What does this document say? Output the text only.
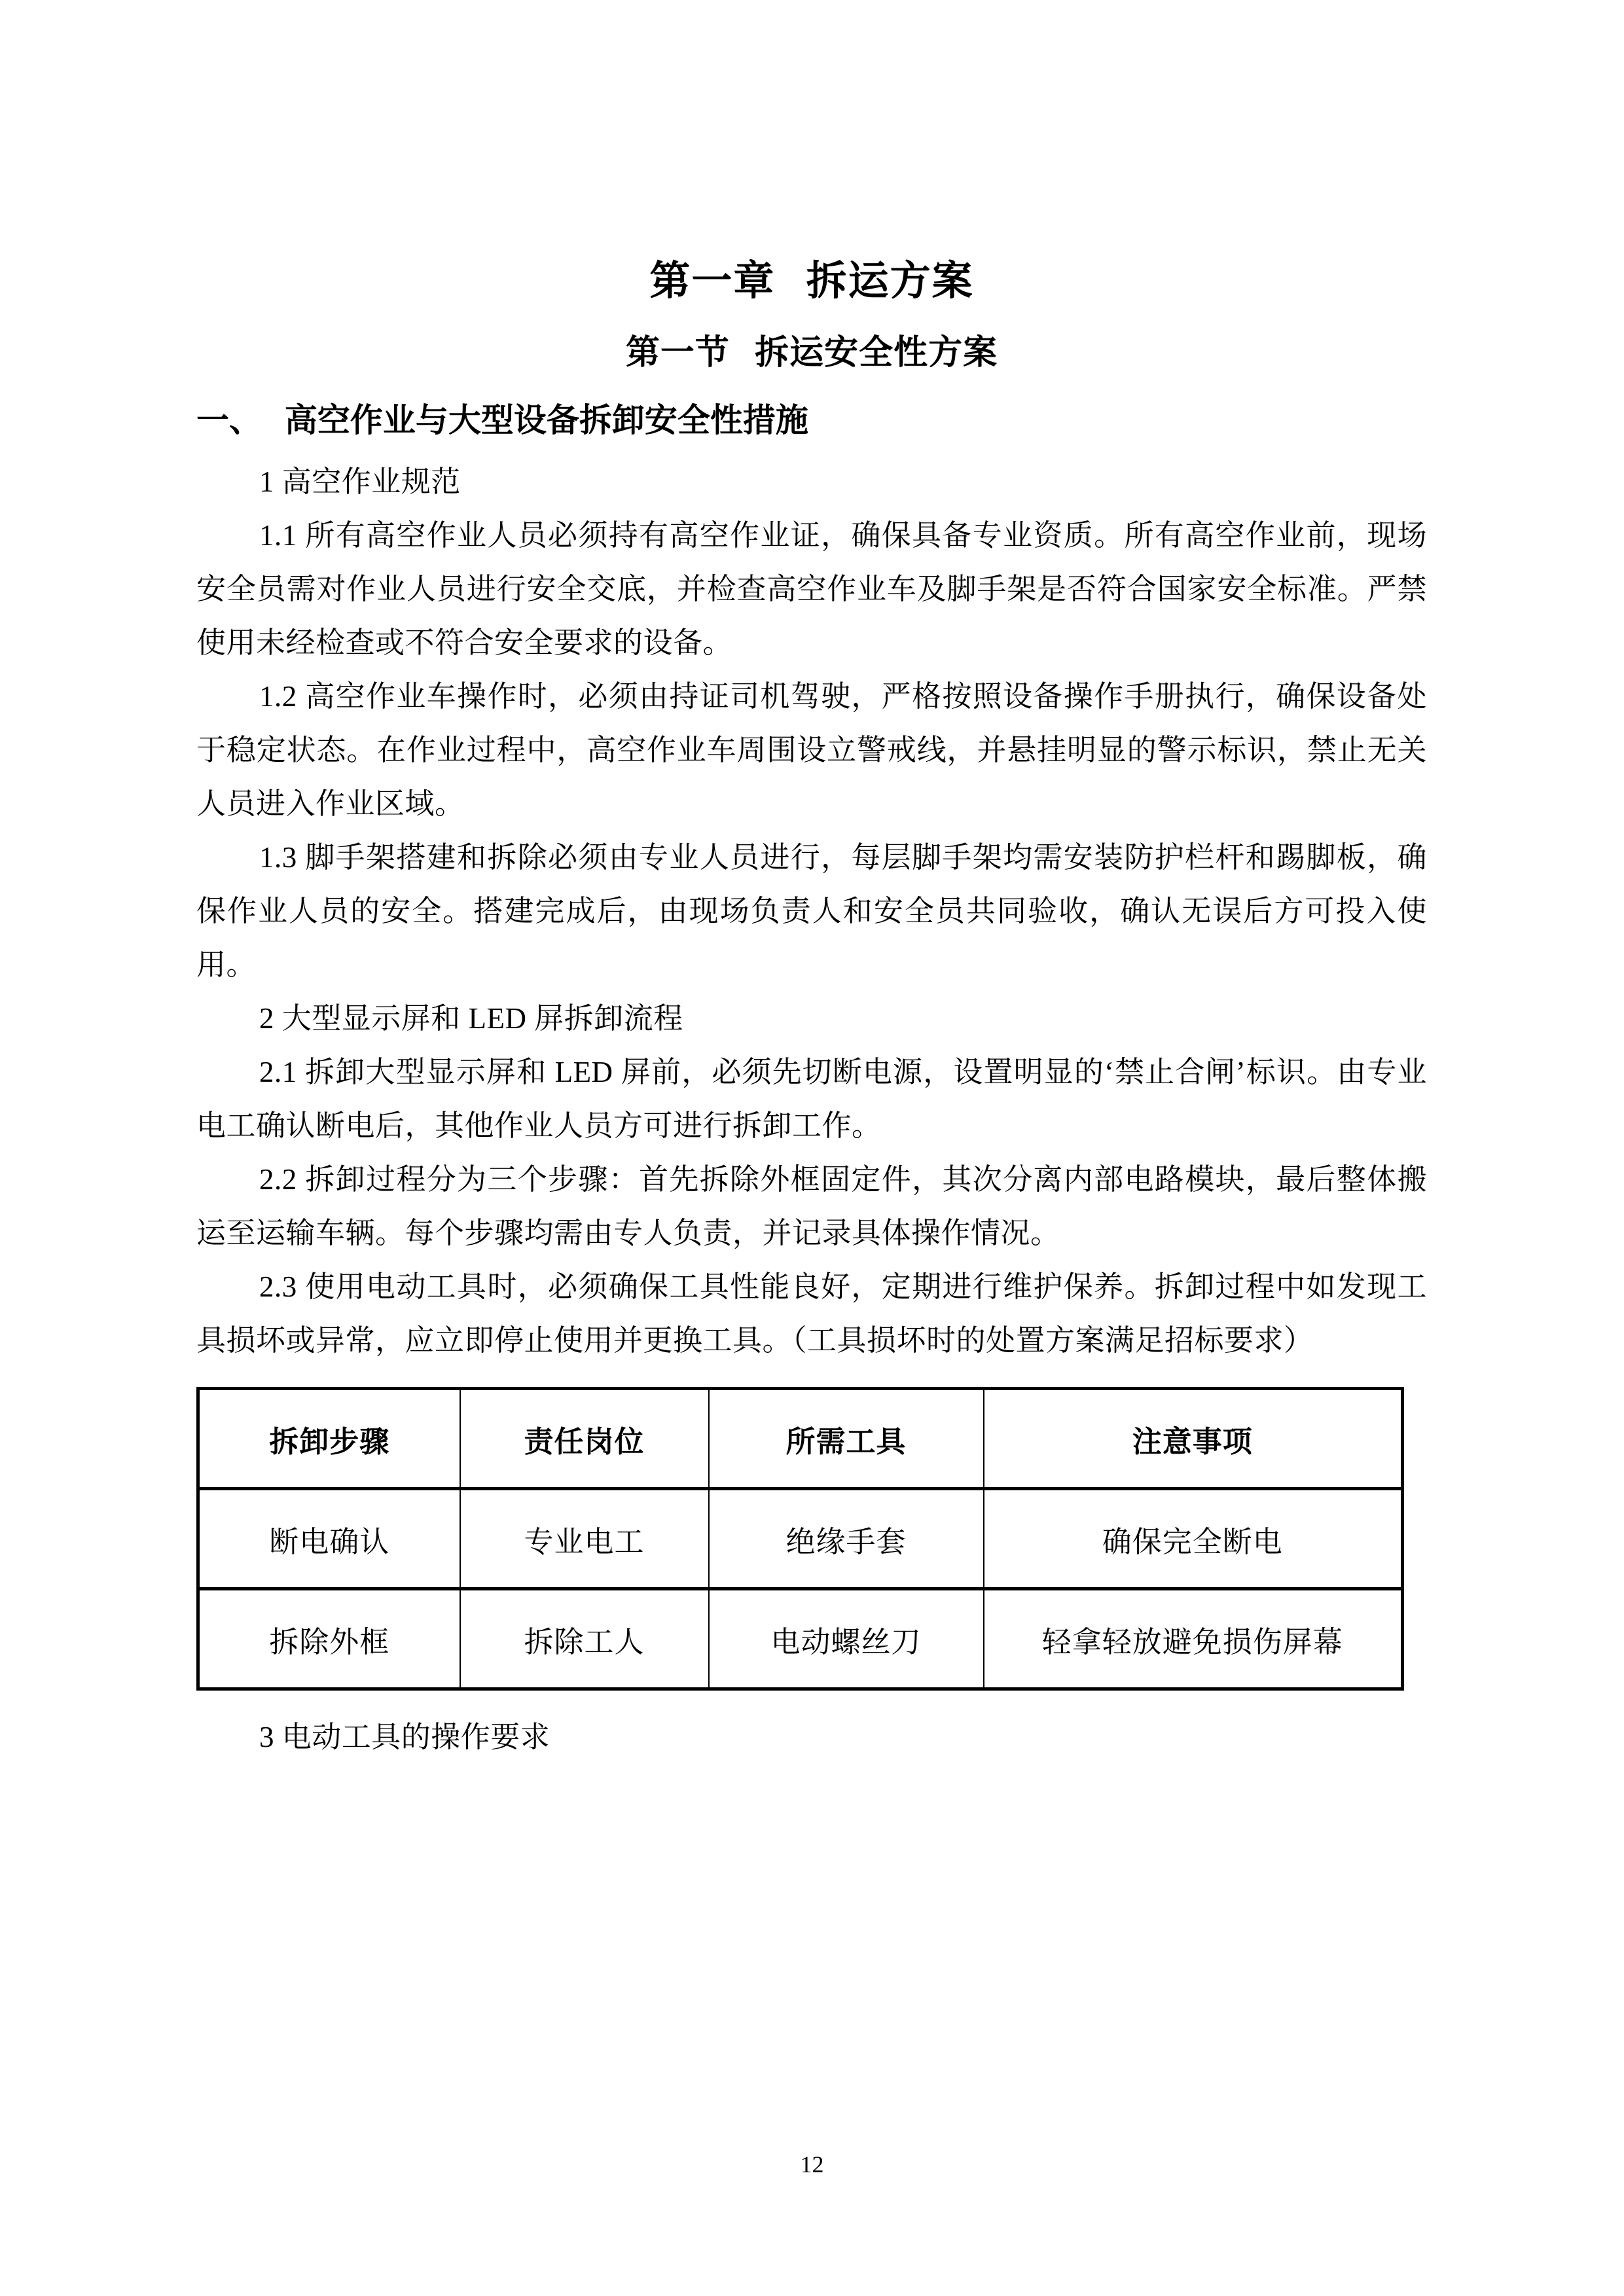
第一章  拆运方案
第一节  拆运安全性方案
一、  高空作业与大型设备拆卸安全性措施

1 高空作业规范

1.1 所有高空作业人员必须持有高空作业证，确保具备专业资质。所有高空作业前，现场安全员需对作业人员进行安全交底，并检查高空作业车及脚手架是否符合国家安全标准。严禁使用未经检查或不符合安全要求的设备。

1.2 高空作业车操作时，必须由持证司机驾驶，严格按照设备操作手册执行，确保设备处于稳定状态。在作业过程中，高空作业车周围设立警戒线，并悬挂明显的警示标识，禁止无关人员进入作业区域。

1.3 脚手架搭建和拆除必须由专业人员进行，每层脚手架均需安装防护栏杆和踢脚板，确保作业人员的安全。搭建完成后，由现场负责人和安全员共同验收，确认无误后方可投入使用。

2 大型显示屏和 LED 屏拆卸流程

2.1 拆卸大型显示屏和 LED 屏前，必须先切断电源，设置明显的‘禁止合闸’标识。由专业电工确认断电后，其他作业人员方可进行拆卸工作。

2.2 拆卸过程分为三个步骤：首先拆除外框固定件，其次分离内部电路模块，最后整体搬运至运输车辆。每个步骤均需由专人负责，并记录具体操作情况。

2.3 使用电动工具时，必须确保工具性能良好，定期进行维护保养。拆卸过程中如发现工具损坏或异常，应立即停止使用并更换工具。（工具损坏时的处置方案满足招标要求）

拆卸步骤	责任岗位	所需工具	注意事项
断电确认	专业电工	绝缘手套	确保完全断电
拆除外框	拆除工人	电动螺丝刀	轻拿轻放避免损伤屏幕

3 电动工具的操作要求

12
